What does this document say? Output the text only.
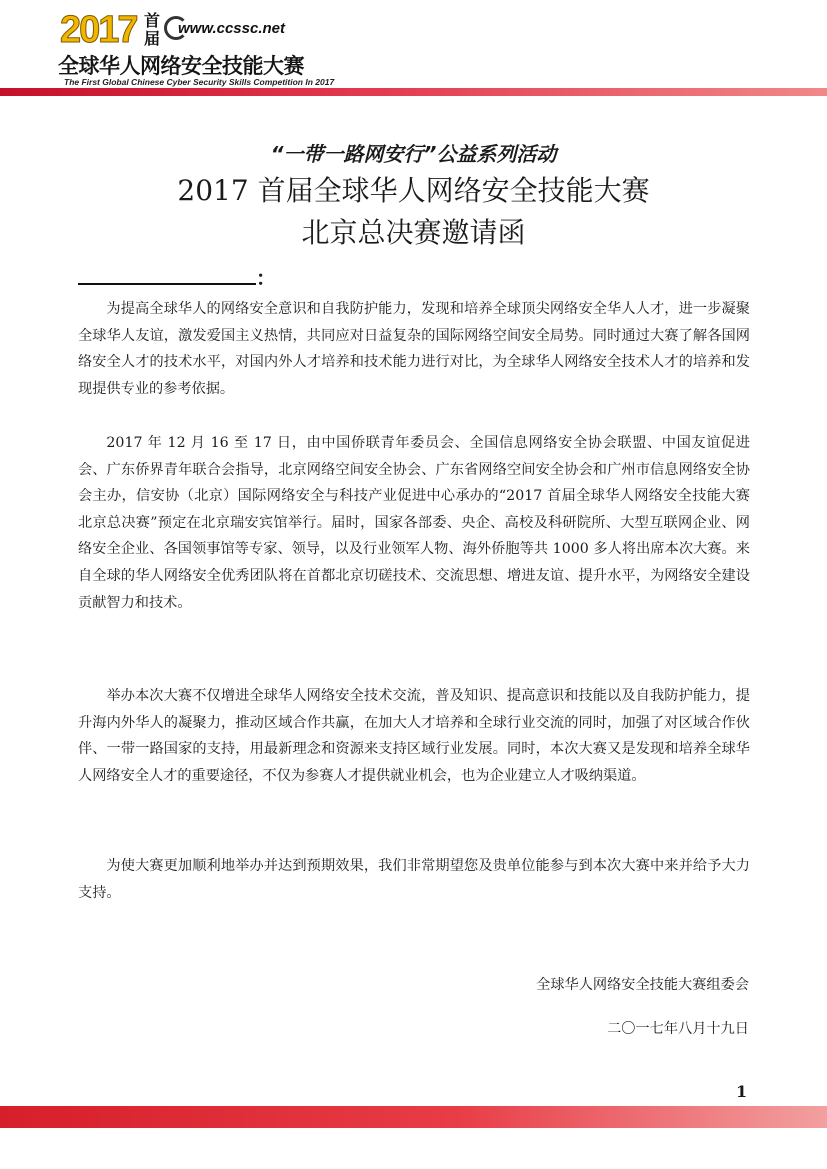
2017 首届
www.ccssc.net
全球华人网络安全技能大赛
The First Global Chinese Cyber Security Skills Competition In 2017
“一带一路网安行”公益系列活动
2017 首届全球华人网络安全技能大赛
北京总决赛邀请函
：

为提高全球华人的网络安全意识和自我防护能力，发现和培养全球顶尖网络安全华人人才，进一步凝聚全球华人友谊，激发爱国主义热情，共同应对日益复杂的国际网络空间安全局势。同时通过大赛了解各国网络安全人才的技术水平，对国内外人才培养和技术能力进行对比，为全球华人网络安全技术人才的培养和发现提供专业的参考依据。

2017 年 12 月 16 至 17 日，由中国侨联青年委员会、全国信息网络安全协会联盟、中国友谊促进会、广东侨界青年联合会指导，北京网络空间安全协会、广东省网络空间安全协会和广州市信息网络安全协会主办，信安协（北京）国际网络安全与科技产业促进中心承办的“2017 首届全球华人网络安全技能大赛北京总决赛”预定在北京瑞安宾馆举行。届时，国家各部委、央企、高校及科研院所、大型互联网企业、网络安全企业、各国领事馆等专家、领导，以及行业领军人物、海外侨胞等共 1000 多人将出席本次大赛。来自全球的华人网络安全优秀团队将在首都北京切磋技术、交流思想、增进友谊、提升水平，为网络安全建设贡献智力和技术。

举办本次大赛不仅增进全球华人网络安全技术交流，普及知识、提高意识和技能以及自我防护能力，提升海内外华人的凝聚力，推动区域合作共赢，在加大人才培养和全球行业交流的同时，加强了对区域合作伙伴、一带一路国家的支持，用最新理念和资源来支持区域行业发展。同时，本次大赛又是发现和培养全球华人网络安全人才的重要途径，不仅为参赛人才提供就业机会，也为企业建立人才吸纳渠道。

为使大赛更加顺利地举办并达到预期效果，我们非常期望您及贵单位能参与到本次大赛中来并给予大力支持。

全球华人网络安全技能大赛组委会
二〇一七年八月十九日
1
